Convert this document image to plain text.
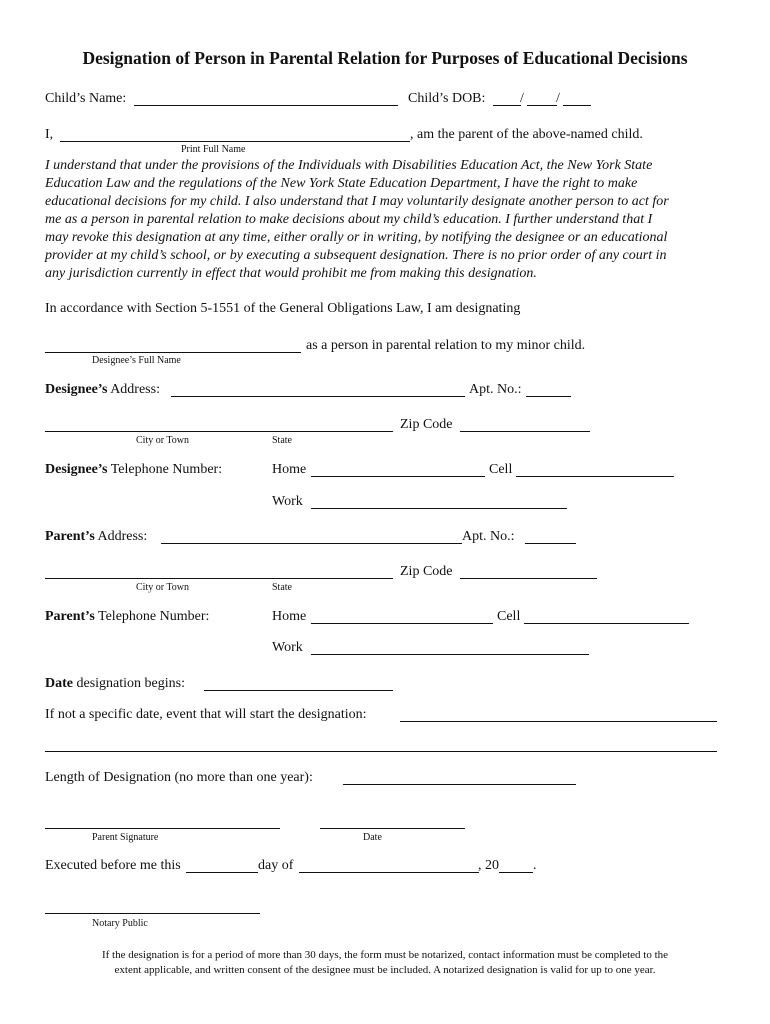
Designation of Person in Parental Relation for Purposes of Educational Decisions
Child’s Name:	Child’s DOB: / /
I,	, am the parent of the above-named child.
Print Full Name
I understand that under the provisions of the Individuals with Disabilities Education Act, the New York State
Education Law and the regulations of the New York State Education Department, I have the right to make
educational decisions for my child. I also understand that I may voluntarily designate another person to act for
me as a person in parental relation to make decisions about my child’s education. I further understand that I
may revoke this designation at any time, either orally or in writing, by notifying the designee or an educational
provider at my child’s school, or by executing a subsequent designation. There is no prior order of any court in
any jurisdiction currently in effect that would prohibit me from making this designation.
In accordance with Section 5-1551 of the General Obligations Law, I am designating
as a person in parental relation to my minor child.
Designee’s Full Name
Designee’s Address:	Apt. No.:
Zip Code
City or Town	State
Designee’s Telephone Number:	Home	Cell
Work
Parent’s Address:	Apt. No.:
Zip Code
City or Town	State
Parent’s Telephone Number:	Home	Cell
Work
Date designation begins:
If not a specific date, event that will start the designation:
Length of Designation (no more than one year):
Parent Signature	Date
Executed before me this	day of	, 20 .
Notary Public
If the designation is for a period of more than 30 days, the form must be notarized, contact information must be completed to the
extent applicable, and written consent of the designee must be included. A notarized designation is valid for up to one year.
